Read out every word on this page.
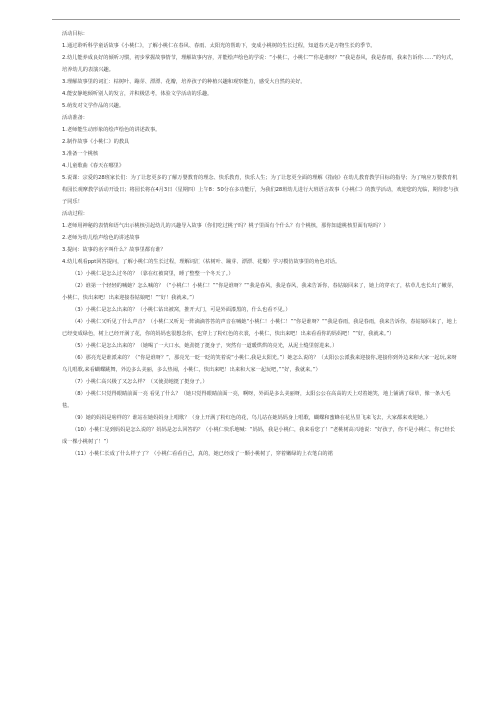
活动目标：

1.通过聆听科学童话故事《小桃仁》，了解小桃仁在春风、春雨、太阳光的帮助下，变成小桃树的生长过程，知道春天是万物生长的季节。

2.幼儿能养成良好的倾听习惯，初步掌握故事情节，理解故事内容，并能绘声绘色的学说：“小桃仁，小桃仁”“你是谁呀？”“我是春风，我是春雨，我来告诉你……”的句式，培养幼儿的表演兴趣。

3.理解故事里的词汇：枯树叶、蹦芽、漂漂、花瓣，培养孩子的种植兴趣和观察能力，感受大自然的美好。

4.能安静地倾听别人的发言，并积极思考，体验文学活动的乐趣。

5.萌发对文学作品的兴趣。

活动准备：

1.老师能生动形象的绘声绘色的讲述故事。

2.制作故事《小桃仁》的教具

3.准备一个桃核

4.儿童歌曲《春天在哪里》

5.说课：宗爱的28班家长们：为了让您更多的了解万婴教育的理念、快乐教育，快乐人生；为了让您更全面的理解《指南》在幼儿教育教学目标的指导；为了响应万婴教育机构园长观摩教学活动开设日；将园长将在4月3日（星期四）上午8：50分在多功能厅，为我们28班幼儿进行大班语言故事《小桃仁》的教学活动，欢迎您的光临，期待您与孩子同乐！

活动过程：

1.老师用神秘的表情和语气出示桃核引起幼儿的兴趣导入故事（你们吃过桃子吗？桃子里面有个什么？有个桃核，那你知道桃核里面有啥吗？）

2.老师为幼儿绘声绘色的讲述故事

3.提问：故事的名字叫什么？故事里都有谁？

4.幼儿观看ppt回答提问，了解小桃仁的生长过程，理解词汇（枯树叶、蹦芽、漂漂、花瓣）学习模仿故事里的角色对话。

（1）小桃仁是怎么过冬的？（靠在红被窝里，睡了整整一个冬天了。）

（2）谁第一个轻轻的喊她？怎么喊的？（“小桃仁！小桃仁！”“你是谁呀？”“我是春风，我是春风，我来告诉你，春姑娘回来了，她上的穿衣了，枯草儿也长出了嫩芽，小桃仁，快出来吧！出来迎接春姑娘吧！”“好！我就来。”）

（3）小桃仁是怎么出来的？（小桃仁钻出被窝，推开大门，可是外面漆黑的，什么也看不见。）

（4）小桃仁又听见了什么声音？（小桃仁又听见一阵滴滴答答的声音在喊她“小桃仁！小桃仁！”“你是谁呀？”“我是春雨，我是春雨，我来告诉你，春姑娘回来了，地上已经变成绿色，树上已经开满了花，你的妈妈也很想念你，也穿上了粉红色的衣裳，小桃仁，快出来吧！出来看看你的妈妈吧！”“好，我就来。”）

（5）小桃仁是怎么出来的？（她喝了一大口水，她劲挺了挺身子，突然有一道暖烘烘的亮光，从泥土缝里射进来。）

（6）那亮光是谁派来的？（“你是谁呀？”，那亮光一眨一眨的笑着说“小桃仁,我是太阳光。”）她怎么说的？（太阳公公派我来迎接你,迎接你到外边来和大家一起玩,来呀乌儿唱歌,来看蝴蝶跳舞，外边多么美丽，多么热闹，小桃仁，快出来吧！出来和大家一起玩吧，”“好，我就来。”）

（7）小桃仁高兴极了又怎么样？（又使劲地挺了挺身子。）

（8）小桃仁只觉得眼睛前面一亮 看见了什么？（她只觉得眼睛前面一亮，啊呀，外面是多么美丽呀，太阳公公在高高的天上对着她笑，地上铺满了绿草，像一条大毛毯。

（9）她的妈妈是啥样的？谁站在她妈妈身上唱歌？（身上开满了粉红色的花，鸟儿站在她妈妈身上唱歌，蝴蝶和蜜蜂在花丛里飞来飞去，大家都来欢迎她。）

（10）小桃仁见到妈妈是怎么说的？妈妈是怎么回答的？（小桃仁快乐地喊：“妈妈，我是小桃仁，我来看您了！”老桃树高兴地说：“好孩子，你不是小桃仁，你已经长成一棵小桃树了！”）

（11）小桃仁长成了什么样子了？（小桃仁看看自己，真的，她已经成了一颗小桃树了，穿着嫩绿的上衣笔白的裙
